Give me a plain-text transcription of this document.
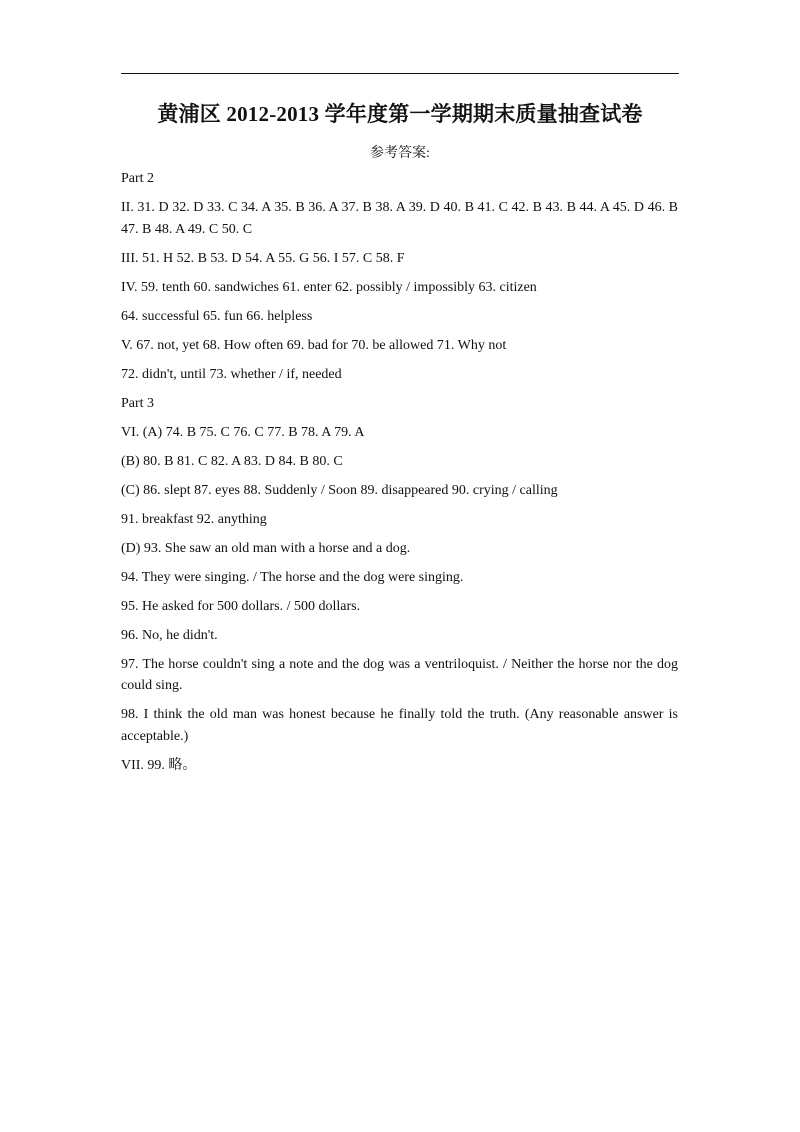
黄浦区 2012-2013 学年度第一学期期末质量抽查试卷
参考答案:

Part 2

II. 31. D 32. D 33. C 34. A 35. B 36. A 37. B 38. A 39. D 40. B 41. C 42. B 43. B 44. A 45. D 46. B 47. B 48. A 49. C 50. C

III. 51. H 52. B 53. D 54. A 55. G 56. I 57. C 58. F

IV. 59. tenth 60. sandwiches 61. enter 62. possibly / impossibly 63. citizen

64. successful 65. fun 66. helpless

V. 67. not, yet 68. How often 69. bad for 70. be allowed 71. Why not

72. didn't, until 73. whether / if, needed

Part 3

VI. (A) 74. B 75. C 76. C 77. B 78. A 79. A

(B) 80. B 81. C 82. A 83. D 84. B 80. C

(C) 86. slept 87. eyes 88. Suddenly / Soon 89. disappeared 90. crying / calling

91. breakfast 92. anything

(D) 93. She saw an old man with a horse and a dog.

94. They were singing. / The horse and the dog were singing.

95. He asked for 500 dollars. / 500 dollars.

96. No, he didn't.

97. The horse couldn't sing a note and the dog was a ventriloquist. / Neither the horse nor the dog could sing.

98. I think the old man was honest because he finally told the truth. (Any reasonable answer is acceptable.)

VII. 99. 略。
